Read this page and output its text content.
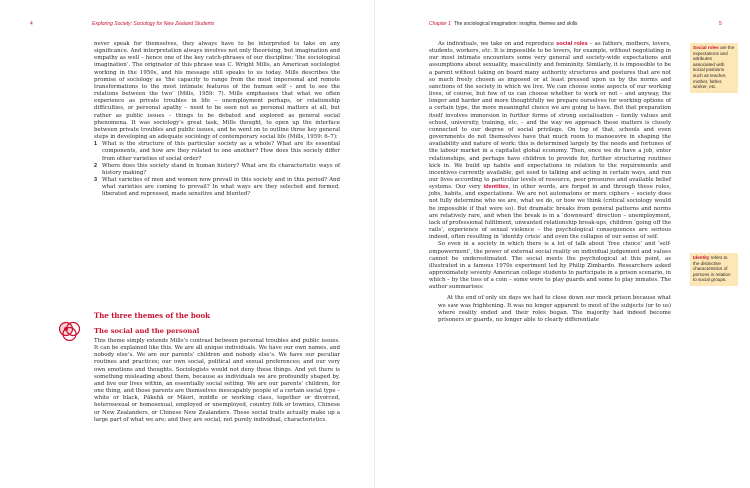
4	Exploring Society: Sociology for New Zealand Students

never speak for themselves, they always have to be interpreted to take on any significance. And interpretation always involves not only theorising, but imagination and empathy as well – hence one of the key catch-phrases of our discipline: ‘the sociological imagination’. The originator of this phrase was C. Wright Mills, an American sociologist working in the 1950s, and his message still speaks to us today. Mills describes the promise of sociology as ‘the capacity to range from the most impersonal and remote transformations to the most intimate features of the human self – and to see the relations between the two’ (Mills, 1959: 7). Mills emphasises that what we often experience as private troubles in life – unemployment perhaps, or relationship difficulties, or personal apathy – need to be seen not as personal matters at all, but rather as public issues – things to be debated and explored as general social phenomena. It was sociology’s great task, Mills thought, to open up the interface between private troubles and public issues, and he went on to outline three key general steps in developing an adequate sociology of contemporary social life (Mills, 1959: 6–7):

1 What is the structure of this particular society as a whole? What are its essential components, and how are they related to one another? How does this society differ from other varieties of social order?
2 Where does this society stand in human history? What are its characteristic ways of history making?
3 What varieties of men and women now prevail in this society and in this period? And what varieties are coming to prevail? In what ways are they selected and formed, liberated and repressed, made sensitive and blunted?
The three themes of the book
The social and the personal

This theme simply extends Mills’s contrast between personal troubles and public issues. It can be explained like this. We are all unique individuals. We have our own names, and nobody else’s. We are our parents’ children and nobody else’s. We have our peculiar routines and practices; our own social, political and sexual preferences; and our very own emotions and thoughts. Sociologists would not deny these things. And yet there is something misleading about them, because as individuals we are profoundly shaped by, and live our lives within, an essentially social setting. We are our parents’ children, for one thing, and those parents are themselves inescapably people of a certain social type – white or black, Pākehā or Māori, middle or working class, together or divorced, heterosexual or homosexual, employed or unemployed, country folk or townies, Chinese or New Zealanders, or Chinese New Zealanders. These social traits actually make up a large part of what we are; and they are social, not purely individual, characteristics.

Chapter 1 The sociological imagination: insights, themes and skills	5

As individuals, we take on and reproduce social roles – as fathers, mothers, lovers, students, workers, etc. It is impossible to be lovers, for example, without negotiating in our most intimate encounters some very general and society-wide expectations and assumptions about sexuality, masculinity and femininity. Similarly, it is impossible to be a parent without taking on board many authority structures and postures that are not so much freely chosen as imposed or at least pressed upon us by the norms and sanctions of the society in which we live. We can choose some aspects of our working lives, of course, but few of us can choose whether to work or not – and anyway, the longer and harder and more thoughtfully we prepare ourselves for working options of a certain type, the more meaningful choice we are going to have. But that preparation itself involves immersion in further forms of strong socialisation – family values and school, university, training, etc. – and the way we approach these matters is closely connected to our degree of social privilege. On top of that, schools and even governments do not themselves have that much room to manoeuvre in shaping the availability and nature of work: this is determined largely by the needs and fortunes of the labour market in a capitalist global economy. Then, once we do have a job, enter relationships, and perhaps have children to provide for, further structuring routines kick in. We build up habits and expectations in relation to the requirements and incentives currently available, get used to talking and acting in certain ways, and run our lives according to particular levels of resource, peer pressures and available belief systems. Our very identities, in other words, are forged in and through these roles, jobs, habits, and expectations. We are not automatons or mere ciphers – society does not fully determine who we are, what we do, or how we think (critical sociology would be impossible if that were so). But dramatic breaks from general patterns and norms are relatively rare, and when the break is in a ‘downward’ direction – unemployment, lack of professional fulfilment, unwanted relationship break-ups, children ‘going off the rails’, experience of sexual violence – the psychological consequences are serious indeed, often resulting in ‘identity crisis’ and even the collapse of our sense of self.

So even in a society in which there is a lot of talk about ‘free choice’ and ‘self-empowerment’, the power of external social reality on individual judgement and values cannot be underestimated. The social meets the psychological at this point, as illustrated in a famous 1970s experiment led by Philip Zimbardo. Researchers asked approximately seventy American college students to participate in a prison scenario, in which – by the toss of a coin – some were to play guards and some to play inmates. The author summarises:

At the end of only six days we had to close down our mock prison because what we saw was frightening. It was no longer apparent to most of the subjects (or to us) where reality ended and their roles began. The majority had indeed become prisoners or guards, no longer able to clearly differentiate

Social roles are the expectations and attributes associated with social positions such as teacher, mother, father, worker, etc.
Identity refers to the distinctive characteristics of persons in relation to social groups.
